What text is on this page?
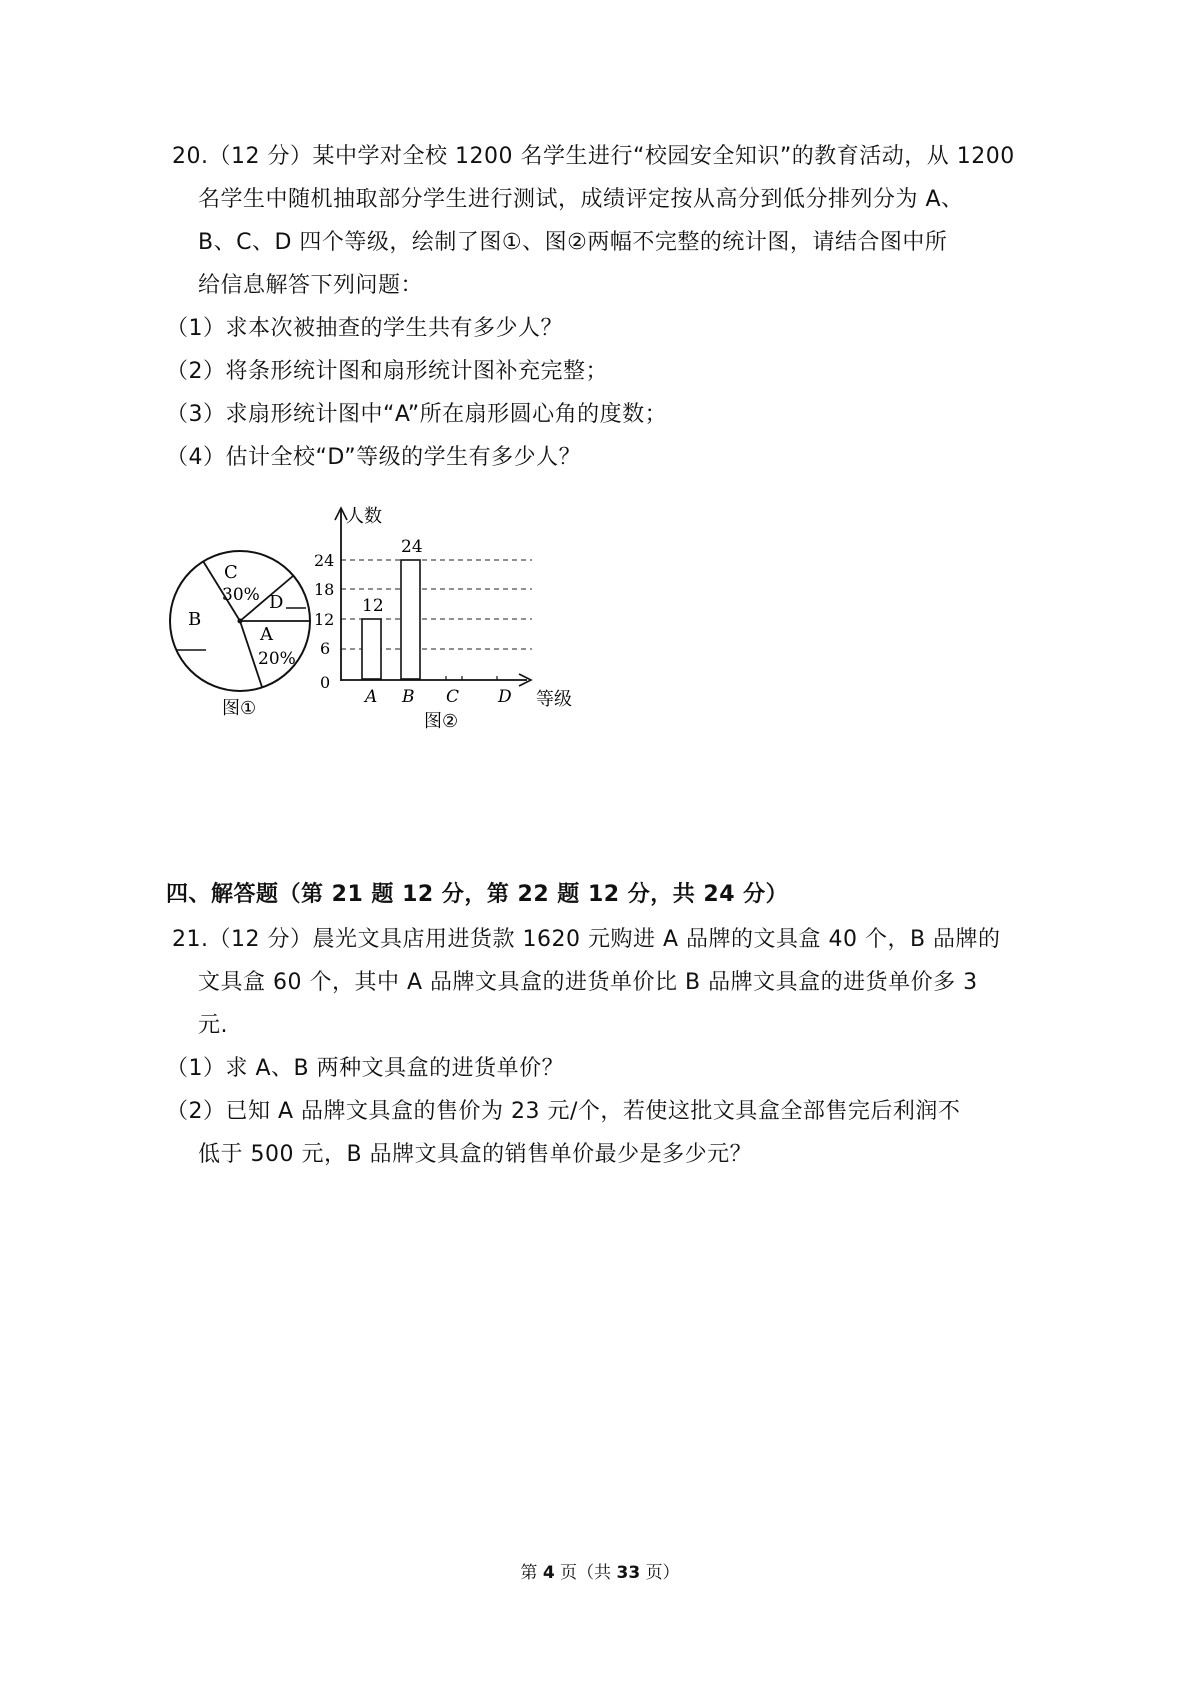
20.（12 分）某中学对全校 1200 名学生进行“校园安全知识”的教育活动，从 1200
名学生中随机抽取部分学生进行测试，成绩评定按从高分到低分排列分为 A、
B、C、D 四个等级，绘制了图①、图②两幅不完整的统计图，请结合图中所
给信息解答下列问题：
（1）求本次被抽查的学生共有多少人？
（2）将条形统计图和扇形统计图补充完整；
（3）求扇形统计图中“A”所在扇形圆心角的度数；
（4）估计全校“D”等级的学生有多少人？
C
30% D
B
A
20%
图①
人数
24
18
12
6
0
12
24
A B C D 等级
图②
四、解答题（第 21 题 12 分，第 22 题 12 分，共 24 分）
21.（12 分）晨光文具店用进货款 1620 元购进 A 品牌的文具盒 40 个，B 品牌的
文具盒 60 个，其中 A 品牌文具盒的进货单价比 B 品牌文具盒的进货单价多 3
元.
（1）求 A、B 两种文具盒的进货单价？
（2）已知 A 品牌文具盒的售价为 23 元/个，若使这批文具盒全部售完后利润不
低于 500 元，B 品牌文具盒的销售单价最少是多少元？
第 4 页（共 33 页）
